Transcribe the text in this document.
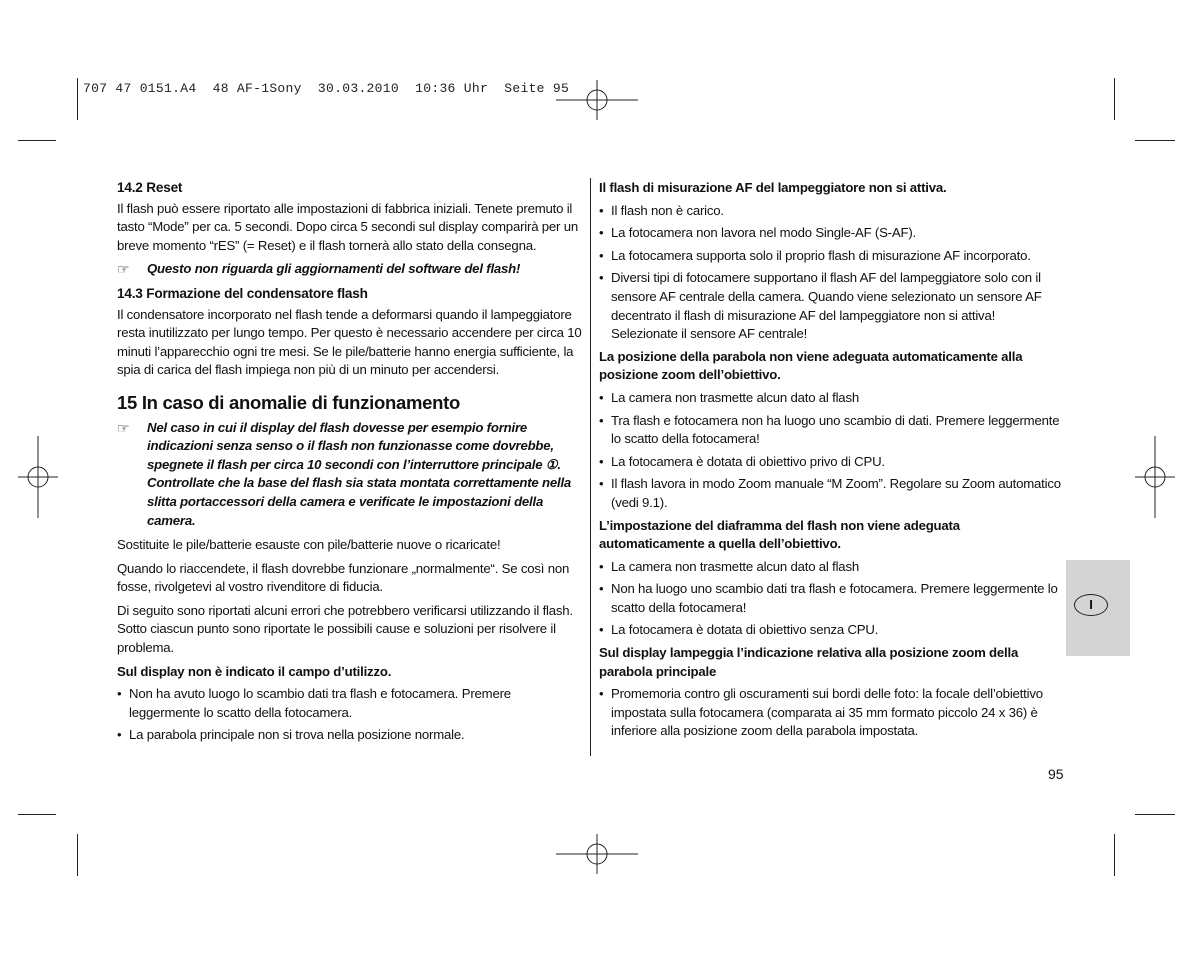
707 47 0151.A4  48 AF-1Sony  30.03.2010  10:36 Uhr  Seite 95
14.2 Reset

Il flash può essere riportato alle impostazioni di fabbrica iniziali. Tenete premuto il tasto “Mode” per ca. 5 secondi. Dopo circa 5 secondi sul display comparirà per un breve momento “rES” (= Reset) e il flash tornerà allo stato della consegna.

☞	Questo non riguarda gli aggiornamenti del software del flash!
14.3 Formazione del condensatore flash

Il condensatore incorporato nel flash tende a deformarsi quando il lampeggiatore resta inutilizzato per lungo tempo. Per questo è necessario accendere per circa 10 minuti l’apparecchio ogni tre mesi. Se le pile/batterie hanno energia sufficiente, la spia di carica del flash impiega non più di un minuto per accendersi.

15 In caso di anomalie di funzionamento
☞	Nel caso in cui il display del flash dovesse per esempio fornire indicazioni senza senso o il flash non funzionasse come dovrebbe, spegnete il flash per circa 10 secondi con l’interruttore principale ①. Controllate che la base del flash sia stata montata correttamente nella slitta portaccessori della camera e verificate le impostazioni della camera.

Sostituite le pile/batterie esauste con pile/batterie nuove o ricaricate!

Quando lo riaccendete, il flash dovrebbe funzionare „normalmente“. Se così non fosse, rivolgetevi al vostro rivenditore di fiducia.

Di seguito sono riportati alcuni errori che potrebbero verificarsi utilizzando il flash. Sotto ciascun punto sono riportate le possibili cause e soluzioni per risolvere il problema.

Sul display non è indicato il campo d’utilizzo.
• Non ha avuto luogo lo scambio dati tra flash e fotocamera. Premere leggermente lo scatto della fotocamera.
• La parabola principale non si trova nella posizione normale.
Il flash di misurazione AF del lampeggiatore non si attiva.
• Il flash non è carico.
• La fotocamera non lavora nel modo Single-AF (S-AF).
• La fotocamera supporta solo il proprio flash di misurazione AF incorporato.
• Diversi tipi di fotocamere supportano il flash AF del lampeggiatore solo con il sensore AF centrale della camera. Quando viene selezionato un sensore AF decentrato il flash di misurazione AF del lampeggiatore non si attiva! Selezionate il sensore AF centrale!
La posizione della parabola non viene adeguata automaticamente alla posizione zoom dell’obiettivo.
• La camera non trasmette alcun dato al flash
• Tra flash e fotocamera non ha luogo uno scambio di dati. Premere leggermente lo scatto della fotocamera!
• La fotocamera è dotata di obiettivo privo di CPU.
• Il flash lavora in modo Zoom manuale “M Zoom”. Regolare su Zoom automatico (vedi 9.1).
L’impostazione del diaframma del flash non viene adeguata automaticamente a quella dell’obiettivo.
• La camera non trasmette alcun dato al flash
• Non ha luogo uno scambio dati tra flash e fotocamera. Premere leggermente lo scatto della fotocamera!
• La fotocamera è dotata di obiettivo senza CPU.
Sul display lampeggia l’indicazione relativa alla posizione zoom della parabola principale
• Promemoria contro gli oscuramenti sui bordi delle foto: la focale dell’obiettivo impostata sulla fotocamera (comparata ai 35 mm formato piccolo 24 x 36) è inferiore alla posizione zoom della parabola impostata.
I
95
